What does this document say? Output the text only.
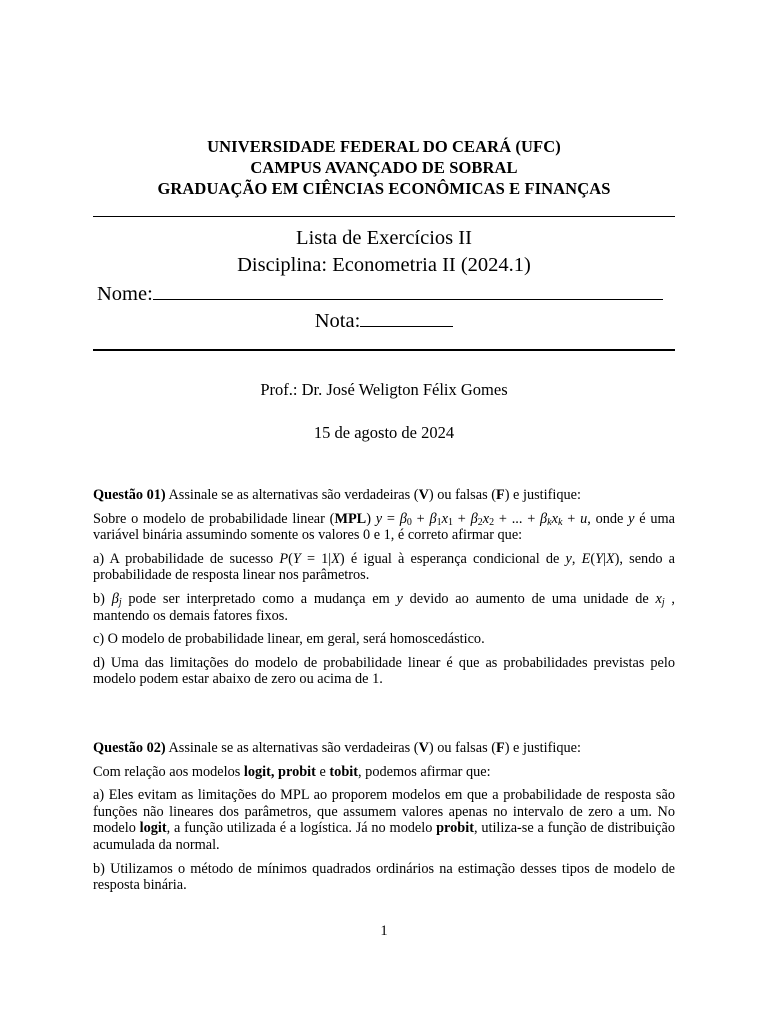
UNIVERSIDADE FEDERAL DO CEARÁ (UFC)
CAMPUS AVANÇADO DE SOBRAL
GRADUAÇÃO EM CIÊNCIAS ECONÔMICAS E FINANÇAS
Lista de Exercícios II
Disciplina: Econometria II (2024.1)
Nome:
Nota:
Prof.: Dr. José Weligton Félix Gomes
15 de agosto de 2024

Questão 01) Assinale se as alternativas são verdadeiras (V) ou falsas (F) e justifique:

Sobre o modelo de probabilidade linear (MPL) $y = \beta_0 + \beta_1x_1 + \beta_2x_2$ + ... + $\beta_kx_k + u$, onde y é uma variável binária assumindo somente os valores 0 e 1, é correto afirmar que:

a) A probabilidade de sucesso P(Y = 1|X) é igual à esperança condicional de y, E(Y|X), sendo a probabilidade de resposta linear nos parâmetros.

b) $\beta_j$ pode ser interpretado como a mudança em y devido ao aumento de uma unidade de $x_j$ , mantendo os demais fatores fixos.

c) O modelo de probabilidade linear, em geral, será homoscedástico.

d) Uma das limitações do modelo de probabilidade linear é que as probabilidades previstas pelo modelo podem estar abaixo de zero ou acima de 1.

Questão 02) Assinale se as alternativas são verdadeiras (V) ou falsas (F) e justifique:

Com relação aos modelos logit, probit e tobit, podemos afirmar que:

a) Eles evitam as limitações do MPL ao proporem modelos em que a probabilidade de resposta são funções não lineares dos parâmetros, que assumem valores apenas no intervalo de zero a um. No modelo logit, a função utilizada é a logística. Já no modelo probit, utiliza-se a função de distribuição acumulada da normal.

b) Utilizamos o método de mínimos quadrados ordinários na estimação desses tipos de modelo de resposta binária.

1
